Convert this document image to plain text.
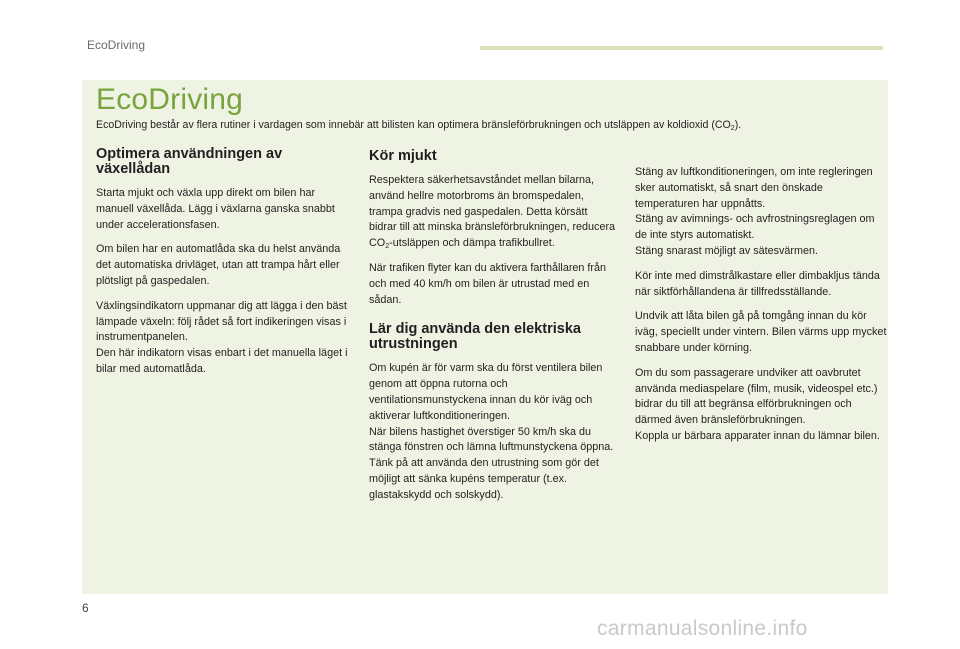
EcoDriving
EcoDriving
EcoDriving består av flera rutiner i vardagen som innebär att bilisten kan optimera bränsleförbrukningen och utsläppen av koldioxid $(CO_2)$.
Optimera användningen av växellådan

Starta mjukt och växla upp direkt om bilen har manuell växellåda. Lägg i växlarna ganska snabbt under accelerationsfasen.

Om bilen har en automatlåda ska du helst använda det automatiska drivläget, utan att trampa hårt eller plötsligt på gaspedalen.

Växlingsindikatorn uppmanar dig att lägga i den bäst lämpade växeln: följ rådet så fort indikeringen visas i instrumentpanelen.
Den här indikatorn visas enbart i det manuella läget i bilar med automatlåda.

Kör mjukt

Respektera säkerhetsavståndet mellan bilarna, använd hellre motorbroms än bromspedalen, trampa gradvis ned gaspedalen. Detta körsätt bidrar till att minska bränsleförbrukningen, reducera $CO_2$-utsläppen och dämpa trafikbullret.

När trafiken flyter kan du aktivera farthållaren från och med 40 km/h om bilen är utrustad med en sådan.

Lär dig använda den elektriska utrustningen

Om kupén är för varm ska du först ventilera bilen genom att öppna rutorna och ventilationsmunstyckena innan du kör iväg och aktiverar luftkonditioneringen.
När bilens hastighet överstiger 50 km/h ska du stänga fönstren och lämna luftmunstyckena öppna.
Tänk på att använda den utrustning som gör det möjligt att sänka kupéns temperatur (t.ex. glastakskydd och solskydd).

Stäng av luftkonditioneringen, om inte regleringen sker automatiskt, så snart den önskade temperaturen har uppnåtts.
Stäng av avimnings- och avfrostningsreglagen om de inte styrs automatiskt.
Stäng snarast möjligt av sätesvärmen.

Kör inte med dimstrålkastare eller dimbakljus tända när siktförhållandena är tillfredsställande.

Undvik att låta bilen gå på tomgång innan du kör iväg, speciellt under vintern. Bilen värms upp mycket snabbare under körning.

Om du som passagerare undviker att oavbrutet använda mediaspelare (film, musik, videospel etc.) bidrar du till att begränsa elförbrukningen och därmed även bränsleförbrukningen.
Koppla ur bärbara apparater innan du lämnar bilen.

6
carmanualsonline.info
